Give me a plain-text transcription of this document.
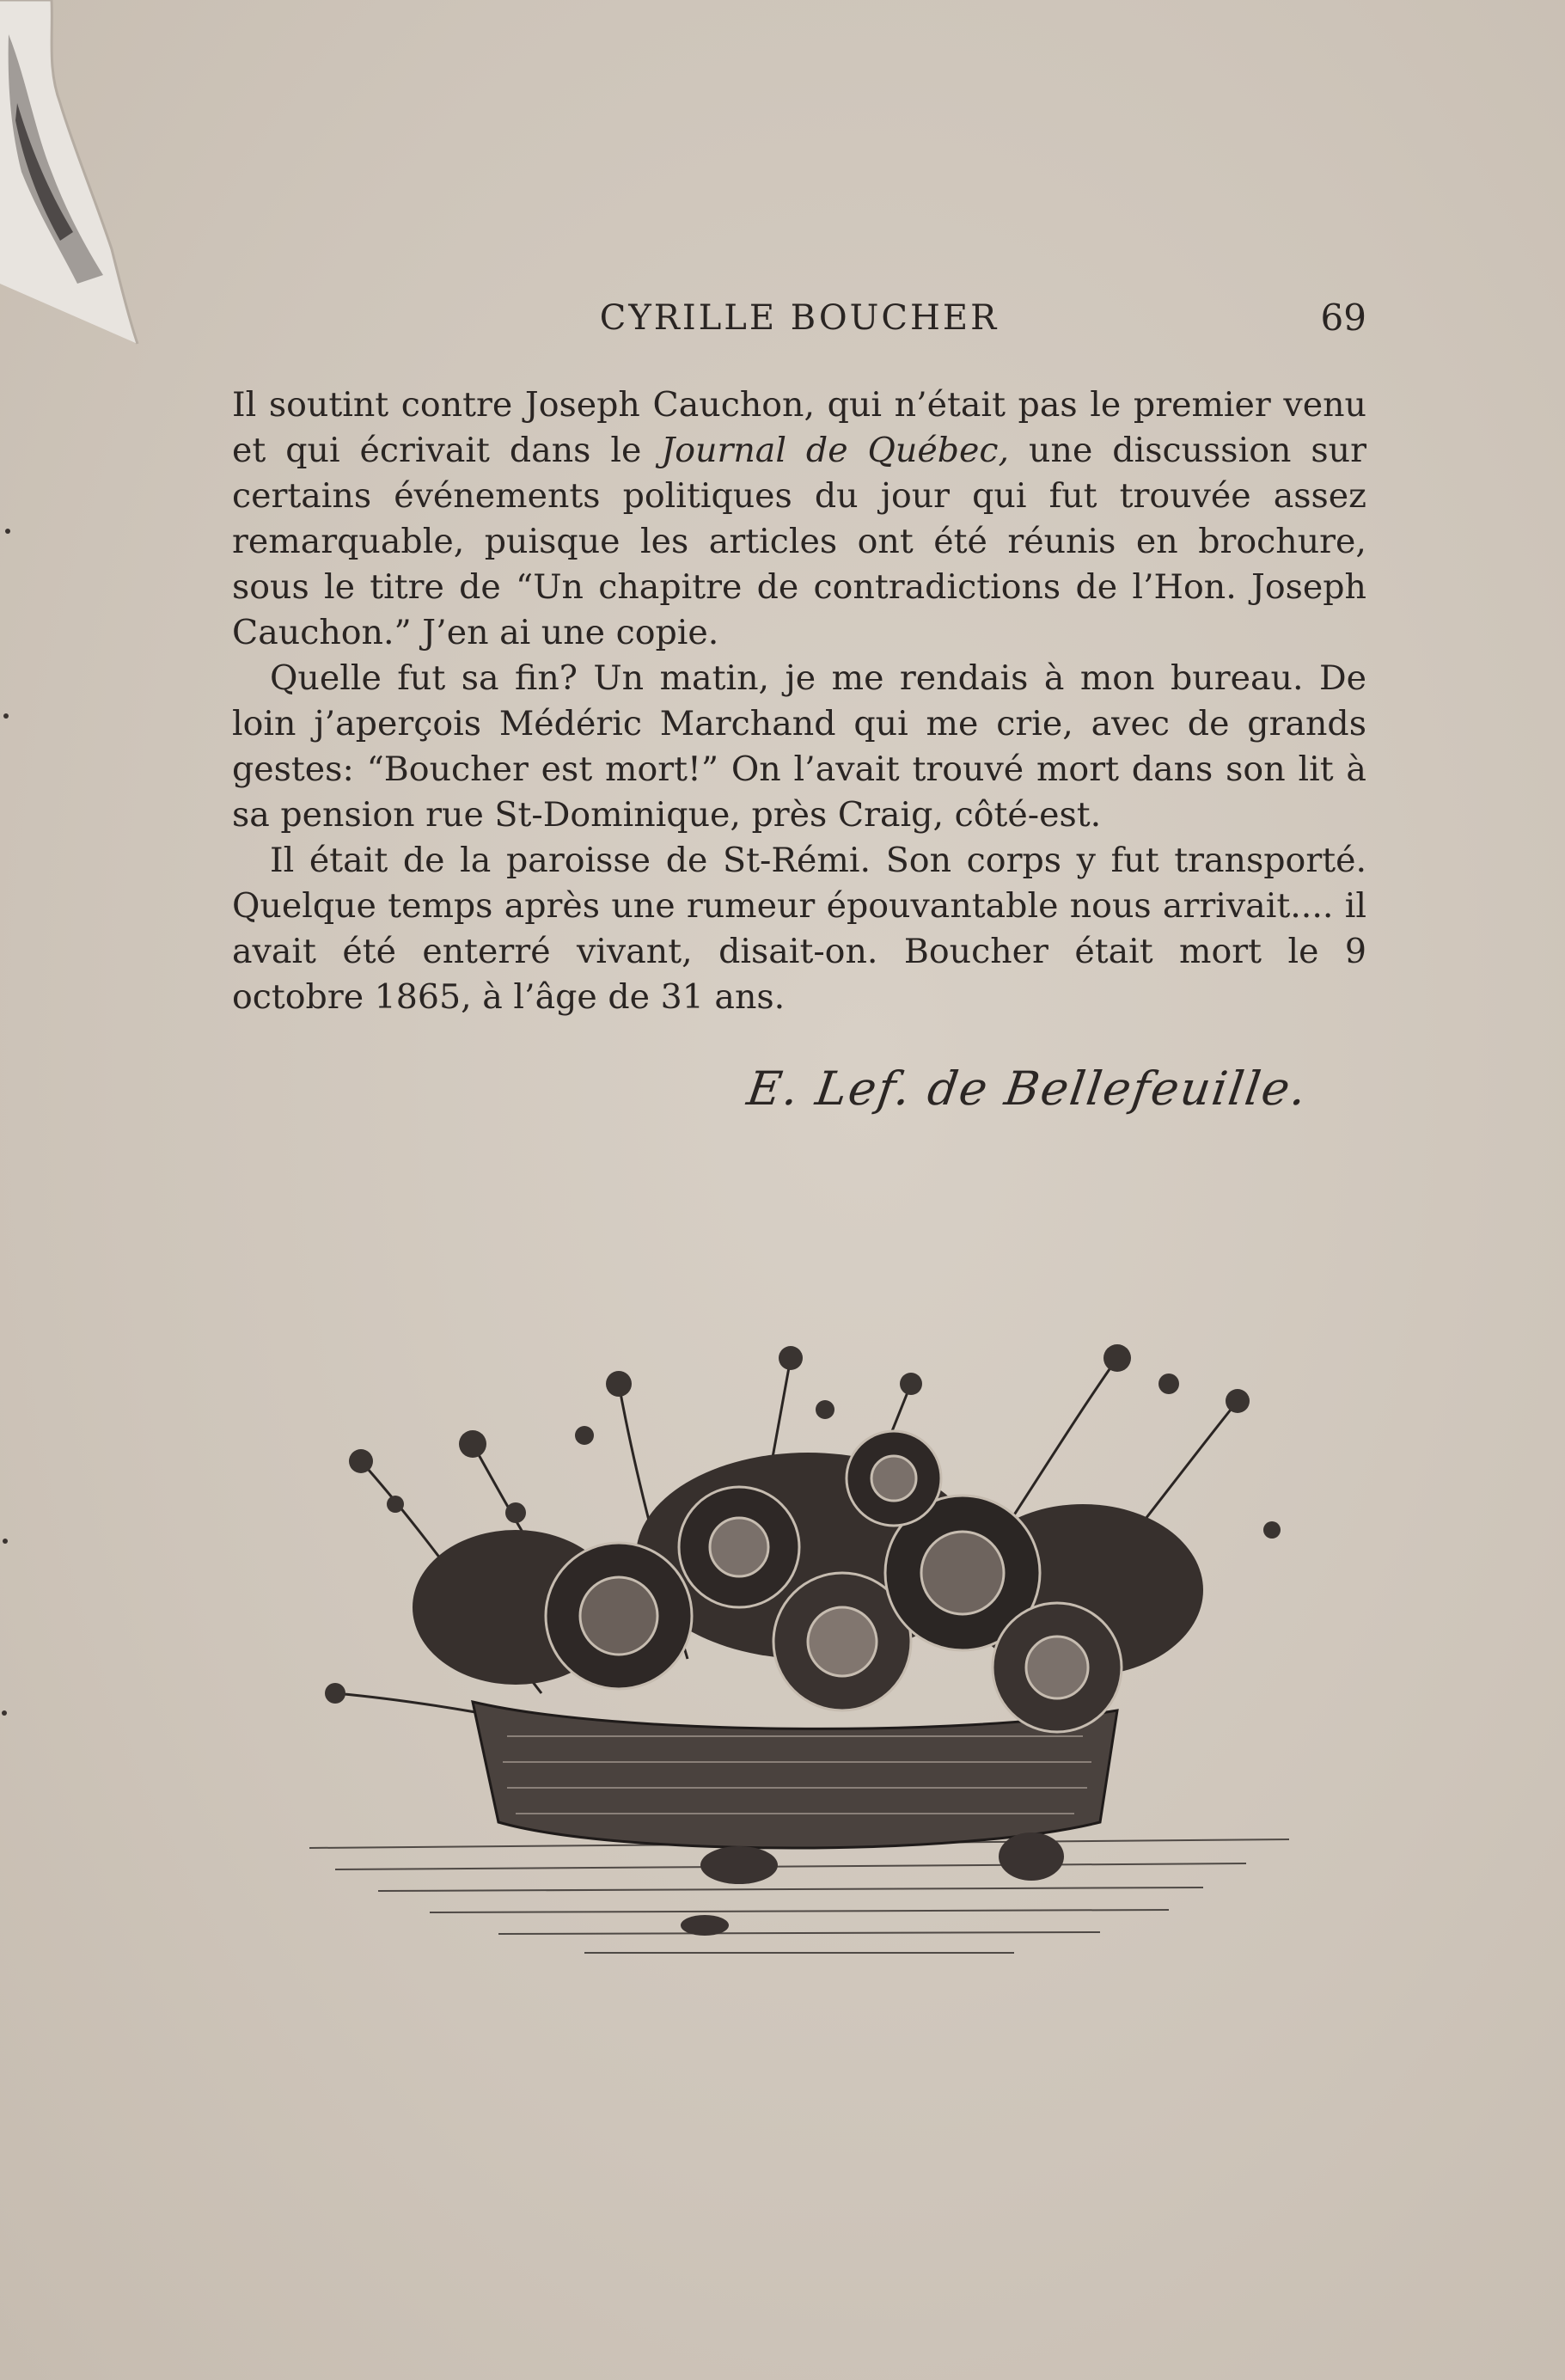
CYRILLE BOUCHER	69

Il soutint contre Joseph Cauchon, qui n’était pas le premier venu et qui écrivait dans le Journal de Québec, une discussion sur certains événements politiques du jour qui fut trouvée assez remarquable, puisque les articles ont été réunis en brochure, sous le titre de “Un chapitre de contradictions de l’Hon. Joseph Cauchon.” J’en ai une copie.

Quelle fut sa fin? Un matin, je me rendais à mon bureau. De loin j’aperçois Médéric Marchand qui me crie, avec de grands gestes: “Boucher est mort!” On l’avait trouvé mort dans son lit à sa pension rue St-Dominique, près Craig, côté-est.

Il était de la paroisse de St-Rémi. Son corps y fut transporté. Quelque temps après une rumeur épouvantable nous arrivait.... il avait été enterré vivant, disait-on. Boucher était mort le 9 octobre 1865, à l’âge de 31 ans.

E. Lef. de Bellefeuille.
